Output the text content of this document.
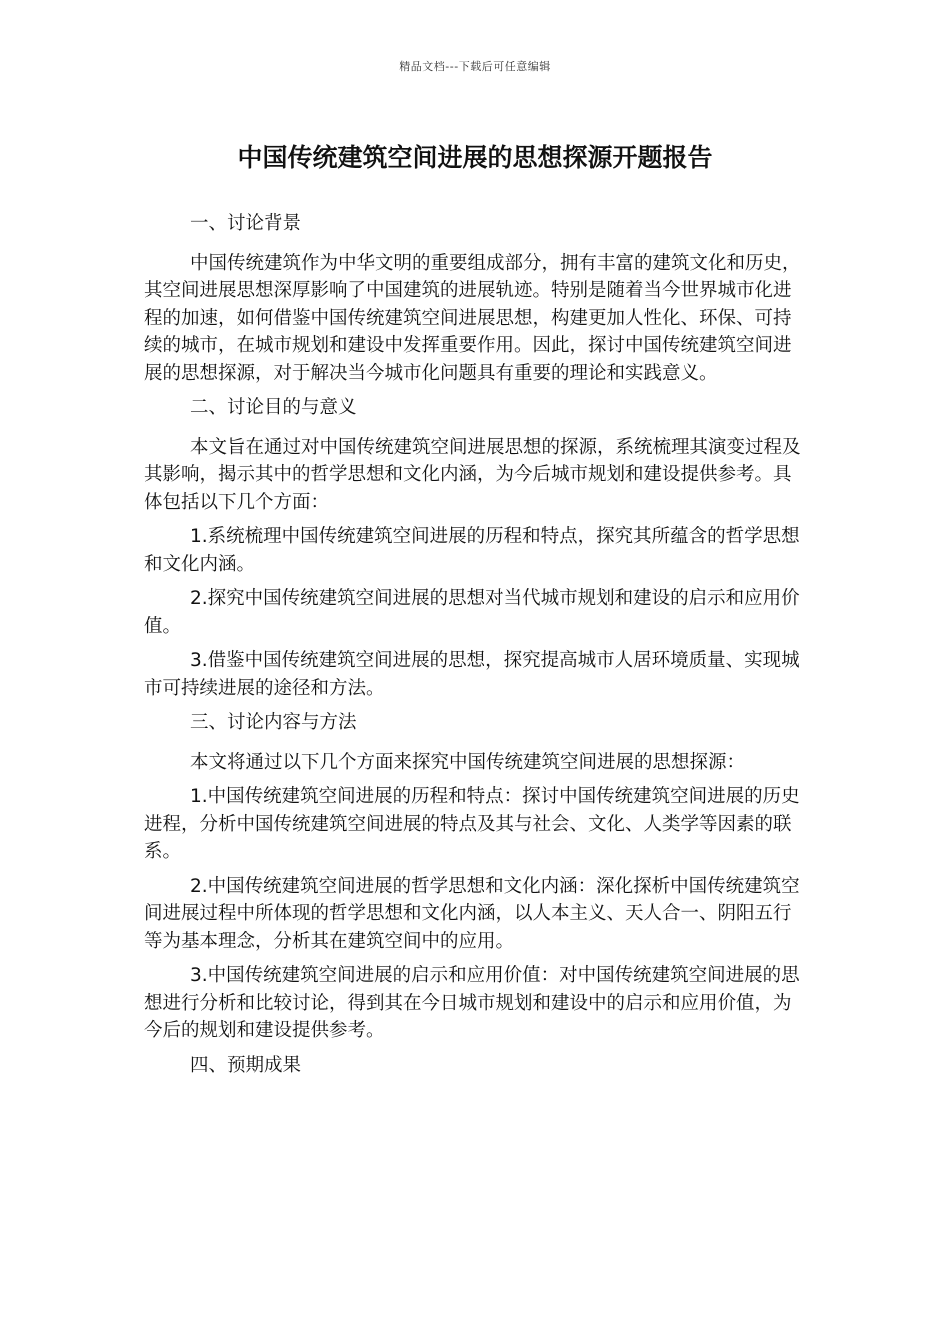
精品文档---下载后可任意编辑
中国传统建筑空间进展的思想探源开题报告

一、讨论背景

中国传统建筑作为中华文明的重要组成部分，拥有丰富的建筑文化和历史，其空间进展思想深厚影响了中国建筑的进展轨迹。特别是随着当今世界城市化进程的加速，如何借鉴中国传统建筑空间进展思想，构建更加人性化、环保、可持续的城市，在城市规划和建设中发挥重要作用。因此，探讨中国传统建筑空间进展的思想探源，对于解决当今城市化问题具有重要的理论和实践意义。

二、讨论目的与意义

本文旨在通过对中国传统建筑空间进展思想的探源，系统梳理其演变过程及其影响，揭示其中的哲学思想和文化内涵，为今后城市规划和建设提供参考。具体包括以下几个方面：

1.系统梳理中国传统建筑空间进展的历程和特点，探究其所蕴含的哲学思想和文化内涵。

2.探究中国传统建筑空间进展的思想对当代城市规划和建设的启示和应用价值。

3.借鉴中国传统建筑空间进展的思想，探究提高城市人居环境质量、实现城市可持续进展的途径和方法。

三、讨论内容与方法

本文将通过以下几个方面来探究中国传统建筑空间进展的思想探源：

1.中国传统建筑空间进展的历程和特点：探讨中国传统建筑空间进展的历史进程，分析中国传统建筑空间进展的特点及其与社会、文化、人类学等因素的联系。

2.中国传统建筑空间进展的哲学思想和文化内涵：深化探析中国传统建筑空间进展过程中所体现的哲学思想和文化内涵，以人本主义、天人合一、阴阳五行等为基本理念，分析其在建筑空间中的应用。

3.中国传统建筑空间进展的启示和应用价值：对中国传统建筑空间进展的思想进行分析和比较讨论，得到其在今日城市规划和建设中的启示和应用价值，为今后的规划和建设提供参考。

四、预期成果
